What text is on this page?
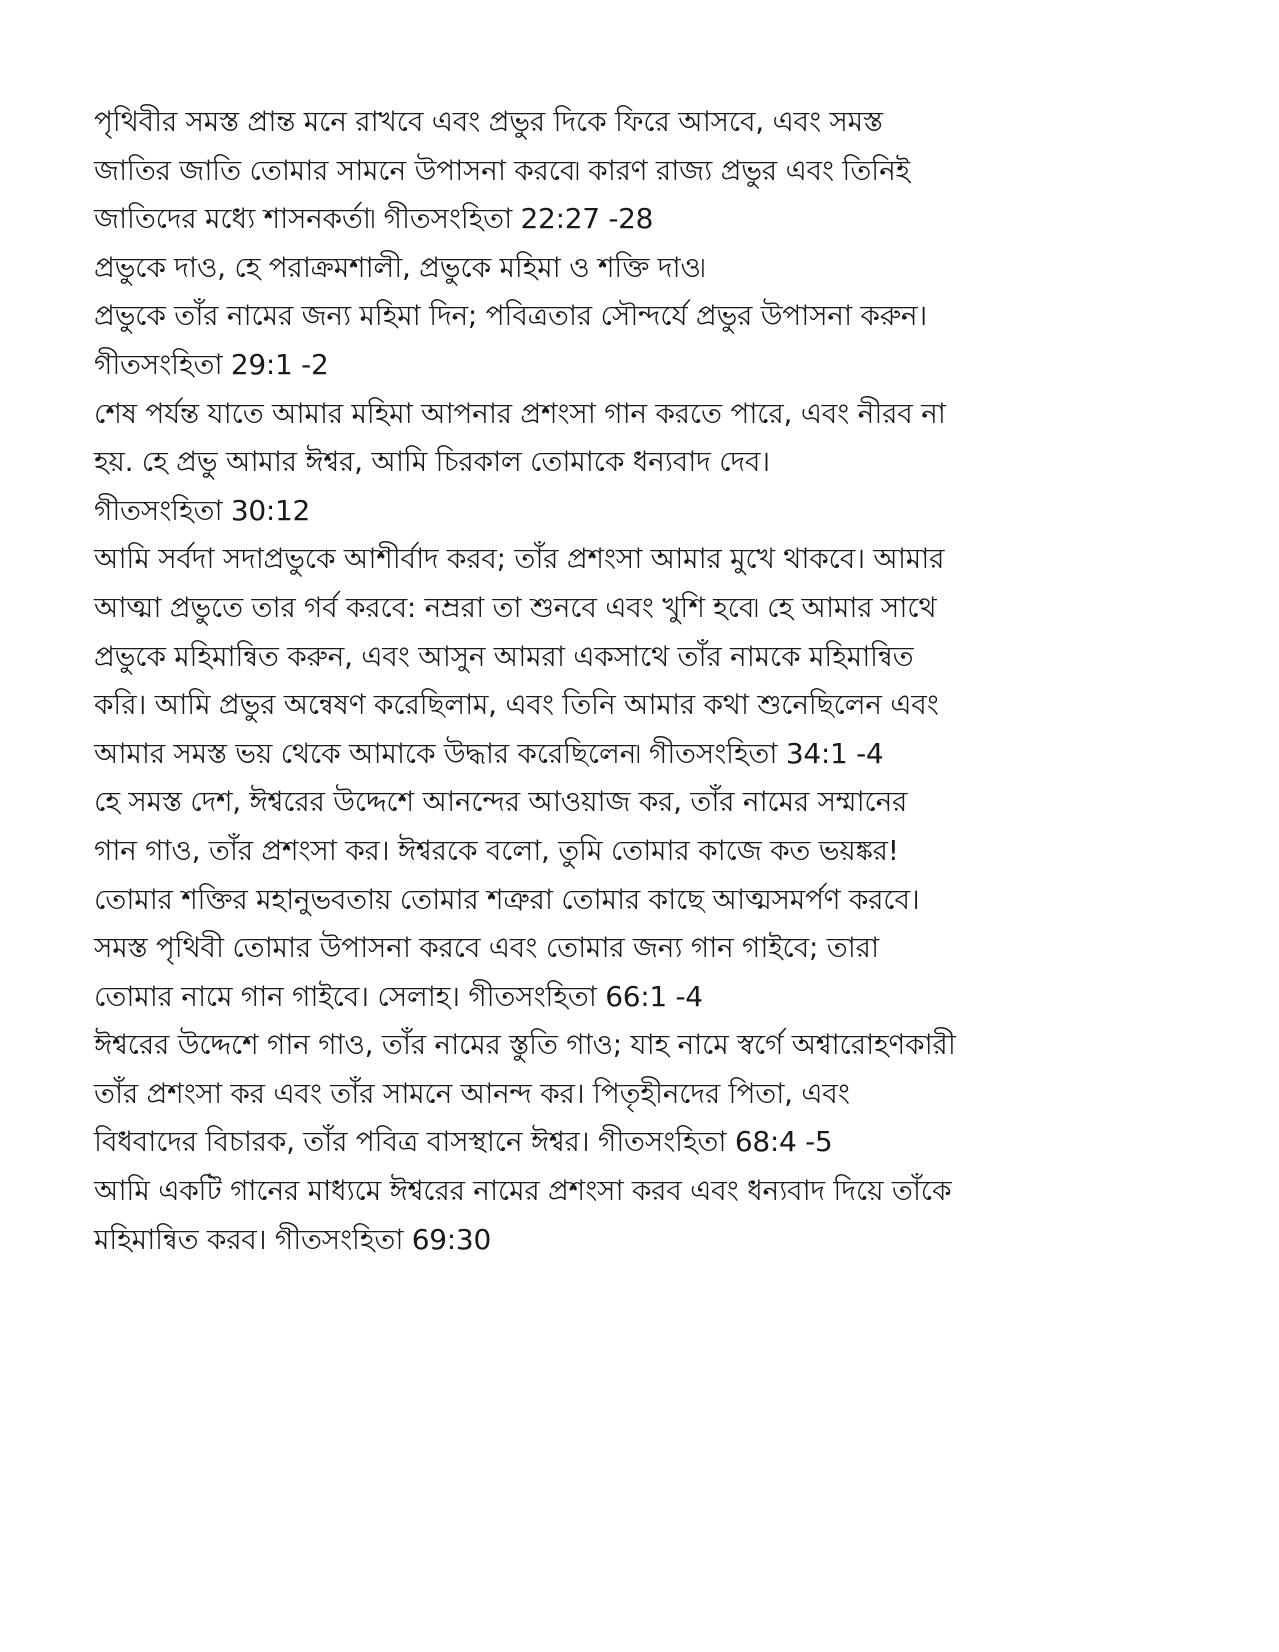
পৃথিবীর সমস্ত প্রান্ত মনে রাখবে এবং প্রভুর দিকে ফিরে আসবে, এবং সমস্ত
জাতির জাতি তোমার সামনে উপাসনা করবে৷ কারণ রাজ্য প্রভুর এবং তিনিই
জাতিদের মধ্যে শাসনকর্তা৷ গীতসংহিতা 22:27 -28
প্রভুকে দাও, হে পরাক্রমশালী, প্রভুকে মহিমা ও শক্তি দাও৷
প্রভুকে তাঁর নামের জন্য মহিমা দিন; পবিত্রতার সৌন্দর্যে প্রভুর উপাসনা করুন।
গীতসংহিতা 29:1 -2
শেষ পর্যন্ত যাতে আমার মহিমা আপনার প্রশংসা গান করতে পারে, এবং নীরব না
হয়. হে প্রভু আমার ঈশ্বর, আমি চিরকাল তোমাকে ধন্যবাদ দেব।
গীতসংহিতা 30:12
আমি সর্বদা সদাপ্রভুকে আশীর্বাদ করব; তাঁর প্রশংসা আমার মুখে থাকবে। আমার
আত্মা প্রভুতে তার গর্ব করবে: নম্ররা তা শুনবে এবং খুশি হবে৷ হে আমার সাথে
প্রভুকে মহিমান্বিত করুন, এবং আসুন আমরা একসাথে তাঁর নামকে মহিমান্বিত
করি। আমি প্রভুর অন্বেষণ করেছিলাম, এবং তিনি আমার কথা শুনেছিলেন এবং
আমার সমস্ত ভয় থেকে আমাকে উদ্ধার করেছিলেন৷ গীতসংহিতা 34:1 -4
হে সমস্ত দেশ, ঈশ্বরের উদ্দেশে আনন্দের আওয়াজ কর, তাঁর নামের সম্মানের
গান গাও, তাঁর প্রশংসা কর। ঈশ্বরকে বলো, তুমি তোমার কাজে কত ভয়ঙ্কর!
তোমার শক্তির মহানুভবতায় তোমার শত্রুরা তোমার কাছে আত্মসমর্পণ করবে।
সমস্ত পৃথিবী তোমার উপাসনা করবে এবং তোমার জন্য গান গাইবে; তারা
তোমার নামে গান গাইবে। সেলাহ। গীতসংহিতা 66:1 -4
ঈশ্বরের উদ্দেশে গান গাও, তাঁর নামের স্তুতি গাও; যাহ নামে স্বর্গে অশ্বারোহণকারী
তাঁর প্রশংসা কর এবং তাঁর সামনে আনন্দ কর। পিতৃহীনদের পিতা, এবং
বিধবাদের বিচারক, তাঁর পবিত্র বাসস্থানে ঈশ্বর। গীতসংহিতা 68:4 -5
আমি একটি গানের মাধ্যমে ঈশ্বরের নামের প্রশংসা করব এবং ধন্যবাদ দিয়ে তাঁকে
মহিমান্বিত করব। গীতসংহিতা 69:30
